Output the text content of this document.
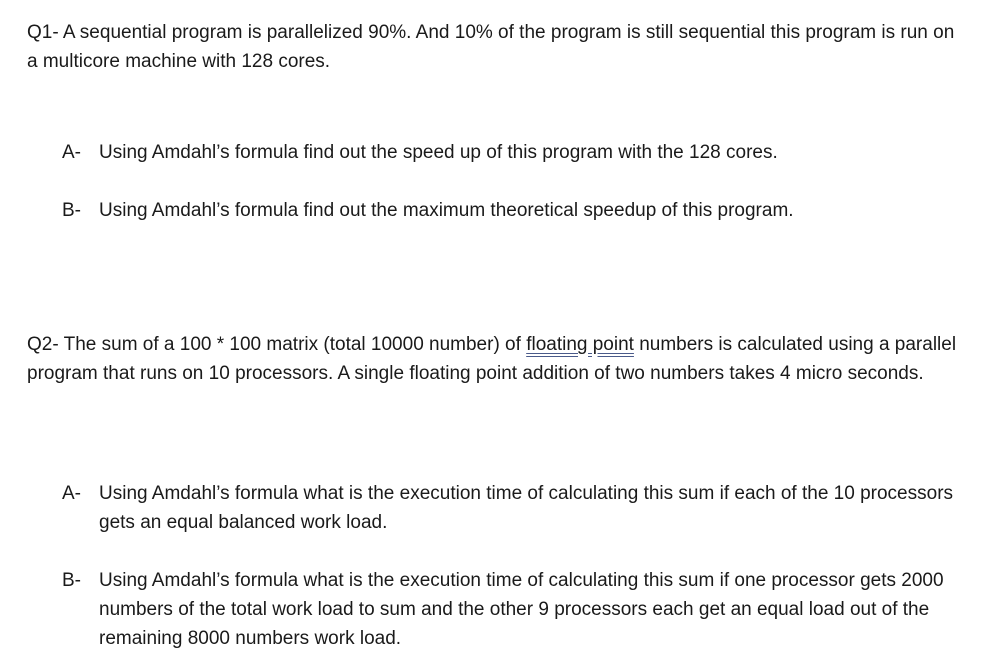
Q1- A sequential program is parallelized 90%. And 10% of the program is still sequential this program is run on a multicore machine with 128 cores.

A- Using Amdahl’s formula find out the speed up of this program with the 128 cores.
B- Using Amdahl’s formula find out the maximum theoretical speedup of this program.

Q2- The sum of a 100 * 100 matrix (total 10000 number) of floating point numbers is calculated using a parallel program that runs on 10 processors. A single floating point addition of two numbers takes 4 micro seconds.

A- Using Amdahl’s formula what is the execution time of calculating this sum if each of the 10 processors gets an equal balanced work load.
B- Using Amdahl’s formula what is the execution time of calculating this sum if one processor gets 2000 numbers of the total work load to sum and the other 9 processors each get an equal load out of the remaining 8000 numbers work load.
